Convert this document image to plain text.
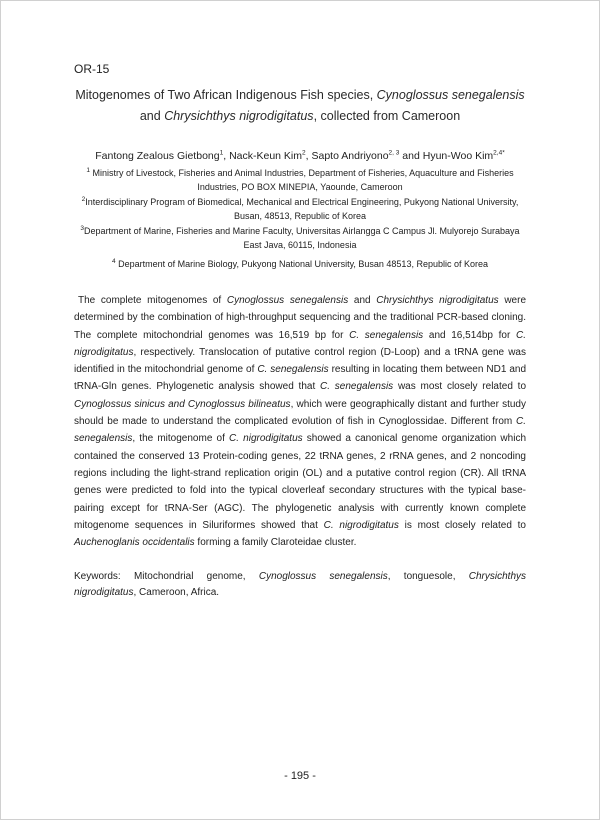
OR-15
Mitogenomes of Two African Indigenous Fish species, Cynoglossus senegalensis
and Chrysichthys nigrodigitatus, collected from Cameroon
Fantong Zealous Gietbong$^1$, Nack-Keun Kim$^2$, Sapto Andriyono$^{2, 3}$ and Hyun-Woo Kim$^{2,4*}$
$^1$ Ministry of Livestock, Fisheries and Animal Industries, Department of Fisheries, Aquaculture and Fisheries
Industries, PO BOX MINEPIA, Yaounde, Cameroon
$^2$Interdisciplinary Program of Biomedical, Mechanical and Electrical Engineering, Pukyong National University,
Busan, 48513, Republic of Korea
$^3$Department of Marine, Fisheries and Marine Faculty, Universitas Airlangga C Campus Jl. Mulyorejo Surabaya
East Java, 60115, Indonesia
$^4$ Department of Marine Biology, Pukyong National University, Busan 48513, Republic of Korea
The complete mitogenomes of Cynoglossus senegalensis and Chrysichthys nigrodigitatus were determined by the combination of high-throughput sequencing and the traditional PCR-based cloning. The complete mitochondrial genomes was 16,519 bp for C. senegalensis and 16,514bp for C. nigrodigitatus, respectively. Translocation of putative control region (D-Loop) and a tRNA gene was identified in the mitochondrial genome of C. senegalensis resulting in locating them between ND1 and tRNA-Gln genes. Phylogenetic analysis showed that C. senegalensis was most closely related to Cynoglossus sinicus and Cynoglossus bilineatus, which were geographically distant and further study should be made to understand the complicated evolution of fish in Cynoglossidae. Different from C. senegalensis, the mitogenome of C. nigrodigitatus showed a canonical genome organization which contained the conserved 13 Protein-coding genes, 22 tRNA genes, 2 rRNA genes, and 2 noncoding regions including the light-strand replication origin (OL) and a putative control region (CR). All tRNA genes were predicted to fold into the typical cloverleaf secondary structures with the typical base-pairing except for tRNA-Ser (AGC). The phylogenetic analysis with currently known complete mitogenome sequences in Siluriformes showed that C. nigrodigitatus is most closely related to Auchenoglanis occidentalis forming a family Claroteidae cluster.
Keywords: Mitochondrial genome, Cynoglossus senegalensis, tonguesole, Chrysichthys nigrodigitatus, Cameroon, Africa.
- 195 -
